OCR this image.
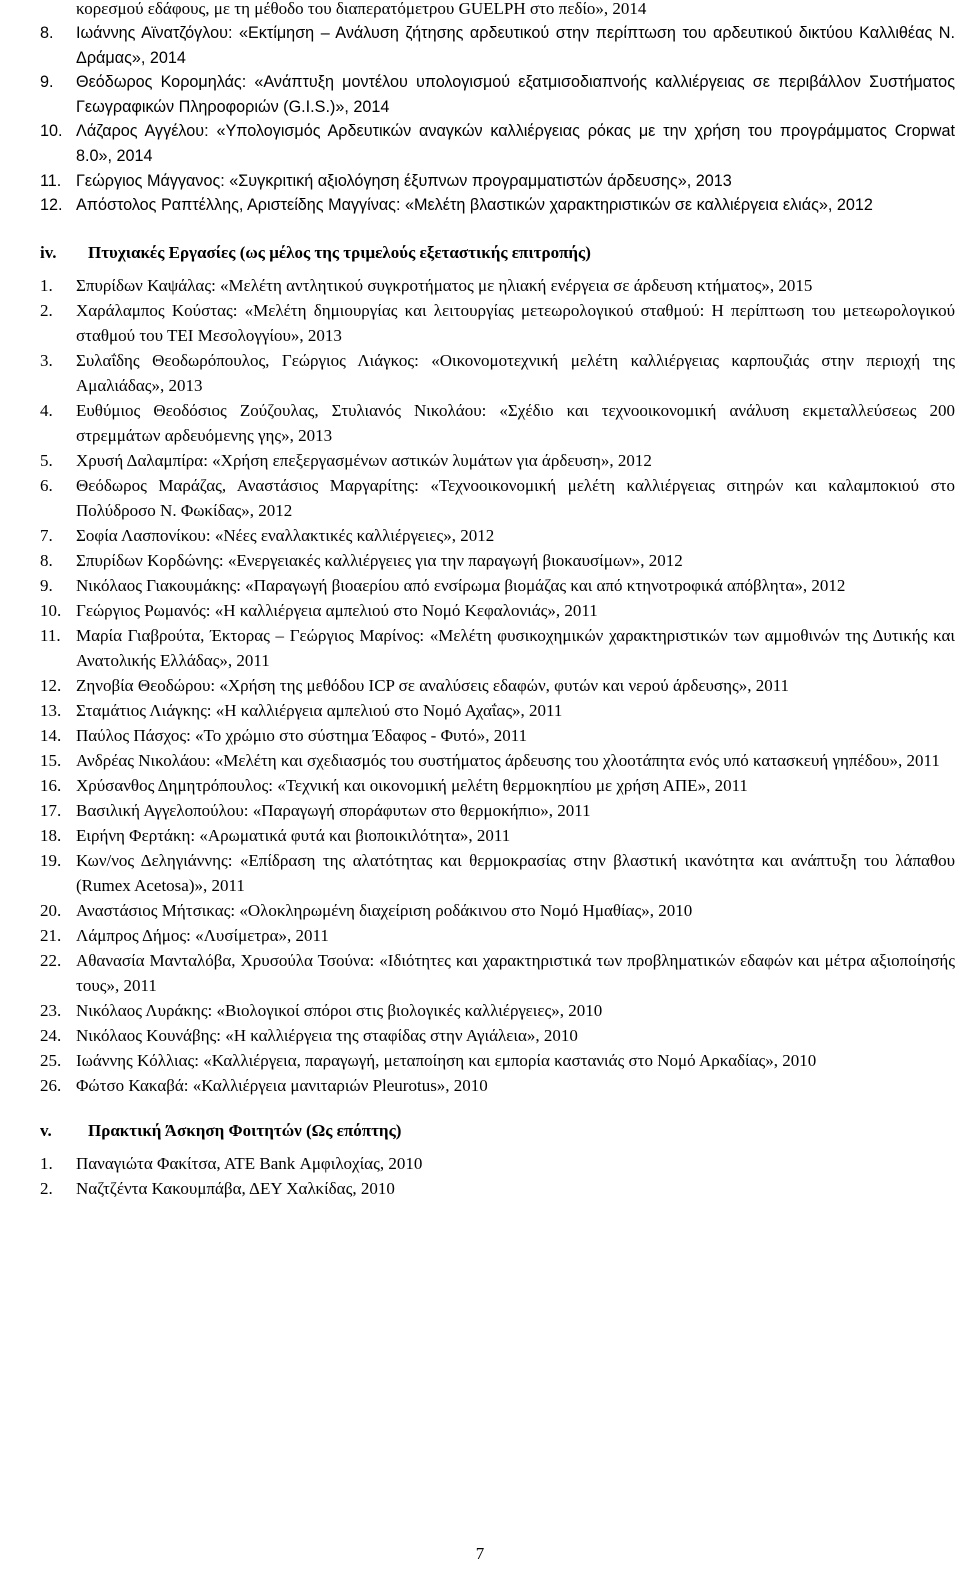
κορεσμού εδάφους, με τη μέθοδο του διαπερατόμετρου GUELPH στο πεδίο», 2014
8. Ιωάννης Αϊνατζόγλου: «Εκτίμηση – Ανάλυση ζήτησης αρδευτικού στην περίπτωση του αρδευτικού δικτύου Καλλιθέας Ν. Δράμας», 2014
9. Θεόδωρος Κορομηλάς: «Ανάπτυξη μοντέλου υπολογισμού εξατμισοδιαπνοής καλλιέργειας σε περιβάλλον Συστήματος Γεωγραφικών Πληροφοριών (G.I.S.)», 2014
10. Λάζαρος Αγγέλου: «Υπολογισμός Αρδευτικών αναγκών καλλιέργειας ρόκας με την χρήση του προγράμματος Cropwat 8.0», 2014
11. Γεώργιος Μάγγανος: «Συγκριτική αξιολόγηση έξυπνων προγραμματιστών άρδευσης», 2013
12. Απόστολος Ραπτέλλης, Αριστείδης Μαγγίνας: «Μελέτη βλαστικών χαρακτηριστικών σε καλλιέργεια ελιάς», 2012
iv. Πτυχιακές Εργασίες (ως μέλος της τριμελούς εξεταστικής επιτροπής)
1. Σπυρίδων Καψάλας: «Μελέτη αντλητικού συγκροτήματος με ηλιακή ενέργεια σε άρδευση κτήματος», 2015
2. Χαράλαμπος Κούστας: «Μελέτη δημιουργίας και λειτουργίας μετεωρολογικού σταθμού: Η περίπτωση του μετεωρολογικού σταθμού του ΤΕΙ Μεσολογγίου», 2013
3. Συλαΐδης Θεοδωρόπουλος, Γεώργιος Λιάγκος: «Οικονομοτεχνική μελέτη καλλιέργειας καρπουζιάς στην περιοχή της Αμαλιάδας», 2013
4. Ευθύμιος Θεοδόσιος Ζούζουλας, Στυλιανός Νικολάου: «Σχέδιο και τεχνοοικονομική ανάλυση εκμεταλλεύσεως 200 στρεμμάτων αρδευόμενης γης», 2013
5. Χρυσή Δαλαμπίρα: «Χρήση επεξεργασμένων αστικών λυμάτων για άρδευση», 2012
6. Θεόδωρος Μαράζας, Αναστάσιος Μαργαρίτης: «Τεχνοοικονομική μελέτη καλλιέργειας σιτηρών και καλαμποκιού στο Πολύδροσο Ν. Φωκίδας», 2012
7. Σοφία Λασπονίκου: «Νέες εναλλακτικές καλλιέργειες», 2012
8. Σπυρίδων Κορδώνης: «Ενεργειακές καλλιέργειες για την παραγωγή βιοκαυσίμων», 2012
9. Νικόλαος Γιακουμάκης: «Παραγωγή βιοαερίου από ενσίρωμα βιομάζας και από κτηνοτροφικά απόβλητα», 2012
10. Γεώργιος Ρωμανός: «Η καλλιέργεια αμπελιού στο Νομό Κεφαλονιάς», 2011
11. Μαρία Γιαβρούτα, Έκτορας – Γεώργιος Μαρίνος: «Μελέτη φυσικοχημικών χαρακτηριστικών των αμμοθινών της Δυτικής και Ανατολικής Ελλάδας», 2011
12. Ζηνοβία Θεοδώρου: «Χρήση της μεθόδου ICP σε αναλύσεις εδαφών, φυτών και νερού άρδευσης», 2011
13. Σταμάτιος Λιάγκης: «Η καλλιέργεια αμπελιού στο Νομό Αχαΐας», 2011
14. Παύλος Πάσχος: «Το χρώμιο στο σύστημα Έδαφος - Φυτό», 2011
15. Ανδρέας Νικολάου: «Μελέτη και σχεδιασμός του συστήματος άρδευσης του χλοοτάπητα ενός υπό κατασκευή γηπέδου», 2011
16. Χρύσανθος Δημητρόπουλος: «Τεχνική και οικονομική μελέτη θερμοκηπίου με χρήση ΑΠΕ», 2011
17. Βασιλική Αγγελοπούλου: «Παραγωγή σποράφυτων στο θερμοκήπιο», 2011
18. Ειρήνη Φερτάκη: «Αρωματικά φυτά και βιοποικιλότητα», 2011
19. Κων/νος Δεληγιάννης: «Επίδραση της αλατότητας και θερμοκρασίας στην βλαστική ικανότητα και ανάπτυξη του λάπαθου (Rumex Acetosa)», 2011
20. Αναστάσιος Μήτσικας: «Ολοκληρωμένη διαχείριση ροδάκινου στο Νομό Ημαθίας», 2010
21. Λάμπρος Δήμος: «Λυσίμετρα», 2011
22. Αθανασία Μανταλόβα, Χρυσούλα Τσούνα: «Ιδιότητες και χαρακτηριστικά των προβληματικών εδαφών και μέτρα αξιοποίησής τους», 2011
23. Νικόλαος Λυράκης: «Βιολογικοί σπόροι στις βιολογικές καλλιέργειες», 2010
24. Νικόλαος Κουνάβης: «Η καλλιέργεια της σταφίδας στην Αγιάλεια», 2010
25. Ιωάννης Κόλλιας: «Καλλιέργεια, παραγωγή, μεταποίηση και εμπορία καστανιάς στο Νομό Αρκαδίας», 2010
26. Φώτσο Κακαβά: «Καλλιέργεια μανιταριών Pleurotus», 2010
v. Πρακτική Άσκηση Φοιτητών (Ως επόπτης)
1. Παναγιώτα Φακίτσα, ΑΤΕ Bank Αμφιλοχίας, 2010
2. Ναζτζέντα Κακουμπάβα, ΔΕΥ Χαλκίδας, 2010
7
